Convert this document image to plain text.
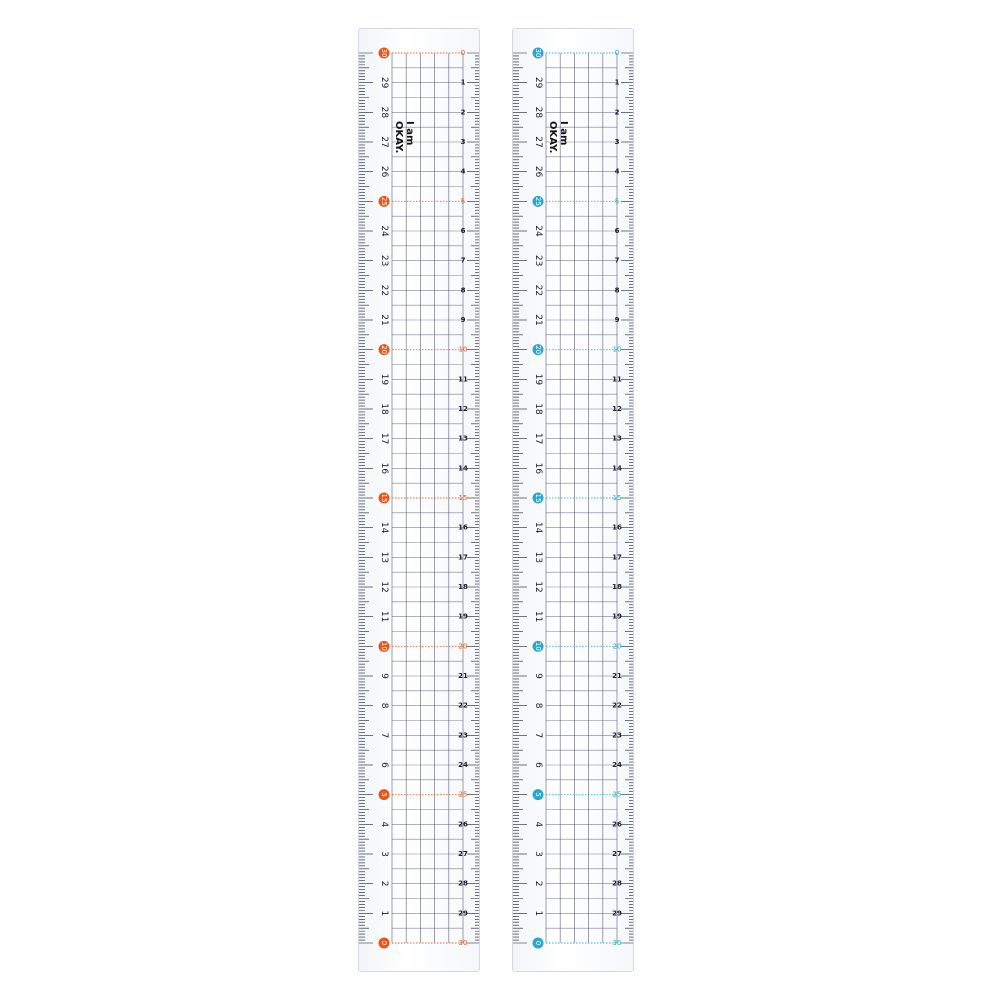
30
29
28
27
26
25
24
23
22
21
20
19
18
17
16
15
14
13
12
11
10
9
8
7
6
5
4
3
2
1
0
0
1
2
3
4
5
6
7
8
9
10
11
12
13
14
15
16
17
18
19
20
21
22
23
24
25
26
27
28
29
30
I am
OKAY.
30
29
28
27
26
25
24
23
22
21
20
19
18
17
16
15
14
13
12
11
10
9
8
7
6
5
4
3
2
1
0
0
1
2
3
4
5
6
7
8
9
10
11
12
13
14
15
16
17
18
19
20
21
22
23
24
25
26
27
28
29
30
I am
OKAY.
